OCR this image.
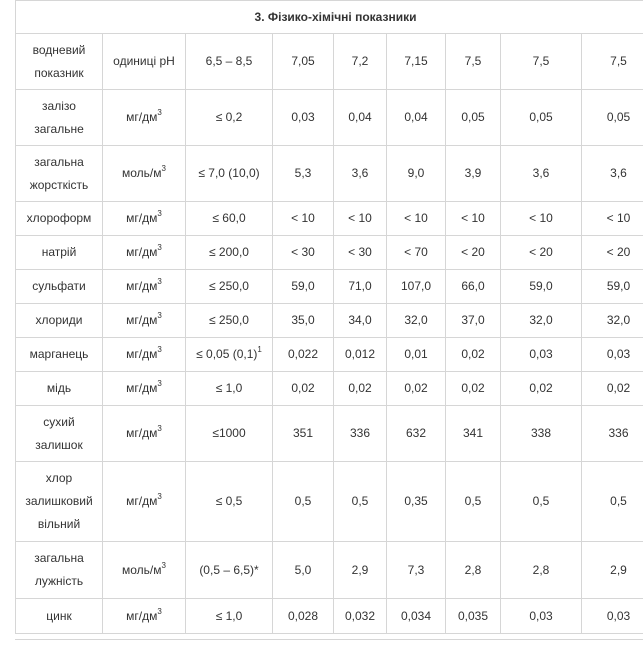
3. Фізико-хімічні показники								
водневий показник	одиниці pH	6,5 – 8,5	7,05	7,2	7,15	7,5	7,5	7,5
залізо загальне	$мг/дм^3$	≤ 0,2	0,03	0,04	0,04	0,05	0,05	0,05
загальна жорсткість	моль/$м^3$	≤ 7,0 (10,0)	5,3	3,6	9,0	3,9	3,6	3,6
хлороформ	$мг/дм^3$	≤ 60,0	< 10	< 10	< 10	< 10	< 10	< 10
натрій	$мг/дм^3$	≤ 200,0	< 30	< 30	< 70	< 20	< 20	< 20
сульфати	$мг/дм^3$	≤ 250,0	59,0	71,0	107,0	66,0	59,0	59,0
хлориди	$мг/дм^3$	≤ 250,0	35,0	34,0	32,0	37,0	32,0	32,0
марганець	$мг/дм^3$	≤ 0,05 $(0,1)^1$	0,022	0,012	0,01	0,02	0,03	0,03
мідь	$мг/дм^3$	≤ 1,0	0,02	0,02	0,02	0,02	0,02	0,02
сухий залишок	$мг/дм^3$	≤1000	351	336	632	341	338	336
хлор залишковий вільний	$мг/дм^3$	≤ 0,5	0,5	0,5	0,35	0,5	0,5	0,5
загальна лужність	моль/$м^3$	(0,5 – 6,5)*	5,0	2,9	7,3	2,8	2,8	2,9
цинк	$мг/дм^3$	≤ 1,0	0,028	0,032	0,034	0,035	0,03	0,03
